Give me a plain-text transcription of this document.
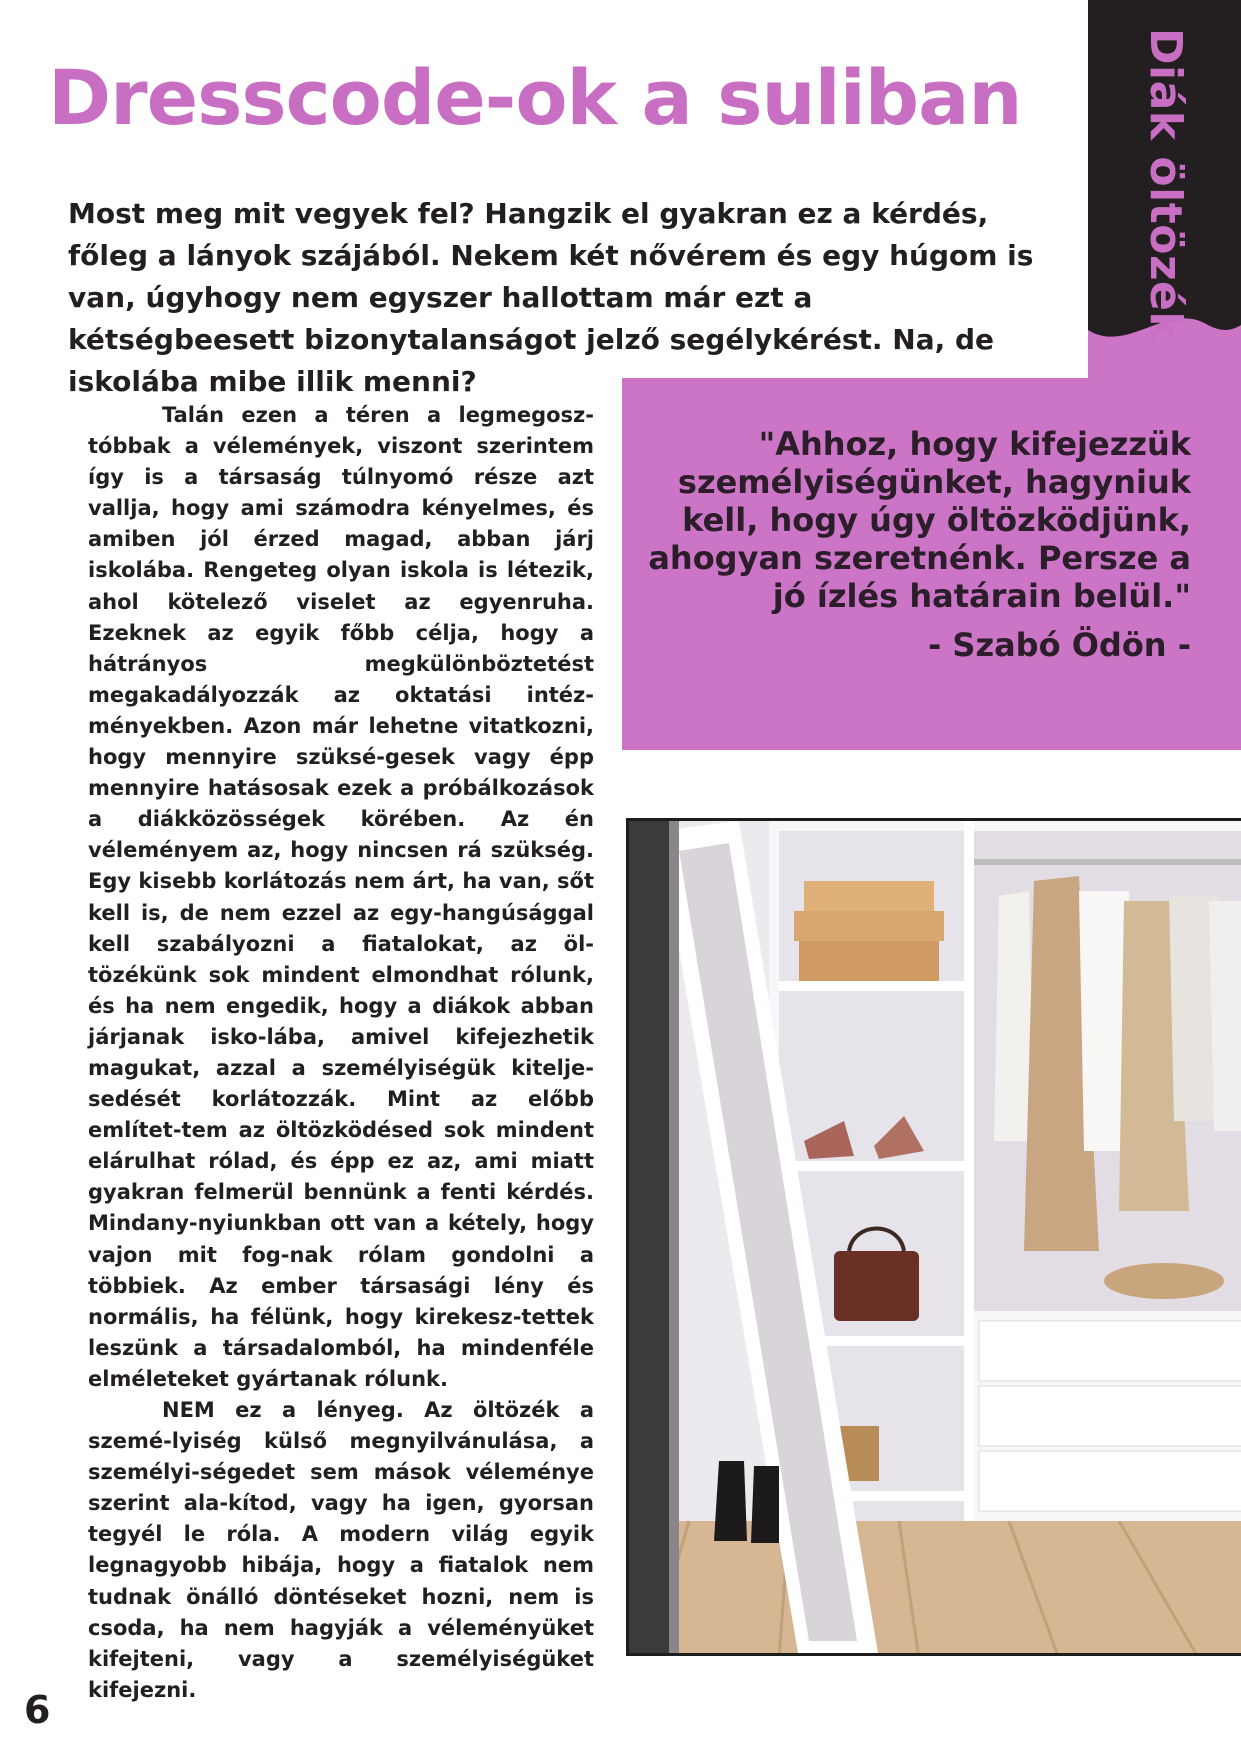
Dresscode-ok a suliban	Diák öltözék

Most meg mit vegyek fel? Hangzik el gyakran ez a kérdés, főleg a lányok szájából. Nekem két nővérem és egy húgom is van, úgyhogy nem egyszer hallottam már ezt a kétségbeesett bizonytalanságot jelző segélykérést. Na, de iskolába mibe illik menni?

Talán ezen a téren a legmegosz-tóbbak a vélemények, viszont szerintem így is a társaság túlnyomó része azt vallja, hogy ami számodra kényelmes, és amiben jól érzed magad, abban járj iskolába. Rengeteg olyan iskola is létezik, ahol kötelező viselet az egyenruha. Ezeknek az egyik főbb célja, hogy a hátrányos megkülönböztetést megakadályozzák az oktatási intéz-ményekben. Azon már lehetne vitatkozni, hogy mennyire szüksé-gesek vagy épp mennyire hatásosak ezek a próbálkozások a diákközösségek körében. Az én véleményem az, hogy nincsen rá szükség. Egy kisebb korlátozás nem árt, ha van, sőt kell is, de nem ezzel az egy-hangúsággal kell szabályozni a fiatalokat, az öl-tözékünk sok mindent elmondhat rólunk, és ha nem engedik, hogy a diákok abban járjanak isko-lába, amivel kifejezhetik magukat, azzal a személyiségük kitelje-sedését korlátozzák. Mint az előbb említet-tem az öltözködésed sok mindent elárulhat rólad, és épp ez az, ami miatt gyakran felmerül bennünk a fenti kérdés. Mindany-nyiunkban ott van a kétely, hogy vajon mit fog-nak rólam gondolni a többiek. Az ember társasági lény és normális, ha félünk, hogy kirekesz-tettek leszünk a társadalomból, ha mindenféle elméleteket gyártanak rólunk.

NEM ez a lényeg. Az öltözék a szemé-lyiség külső megnyilvánulása, a személyi-ségedet sem mások véleménye szerint ala-kítod, vagy ha igen, gyorsan tegyél le róla. A modern világ egyik legnagyobb hibája, hogy a fiatalok nem tudnak önálló döntéseket hozni, nem is csoda, ha nem hagyják a véleményüket kifejteni, vagy a személyiségüket kifejezni.

"Ahhoz, hogy kifejezzük személyiségünket, hagyniuk kell, hogy úgy öltözködjünk, ahogyan szeretnénk. Persze a jó ízlés határain belül."

- Szabó Ödön -

6
